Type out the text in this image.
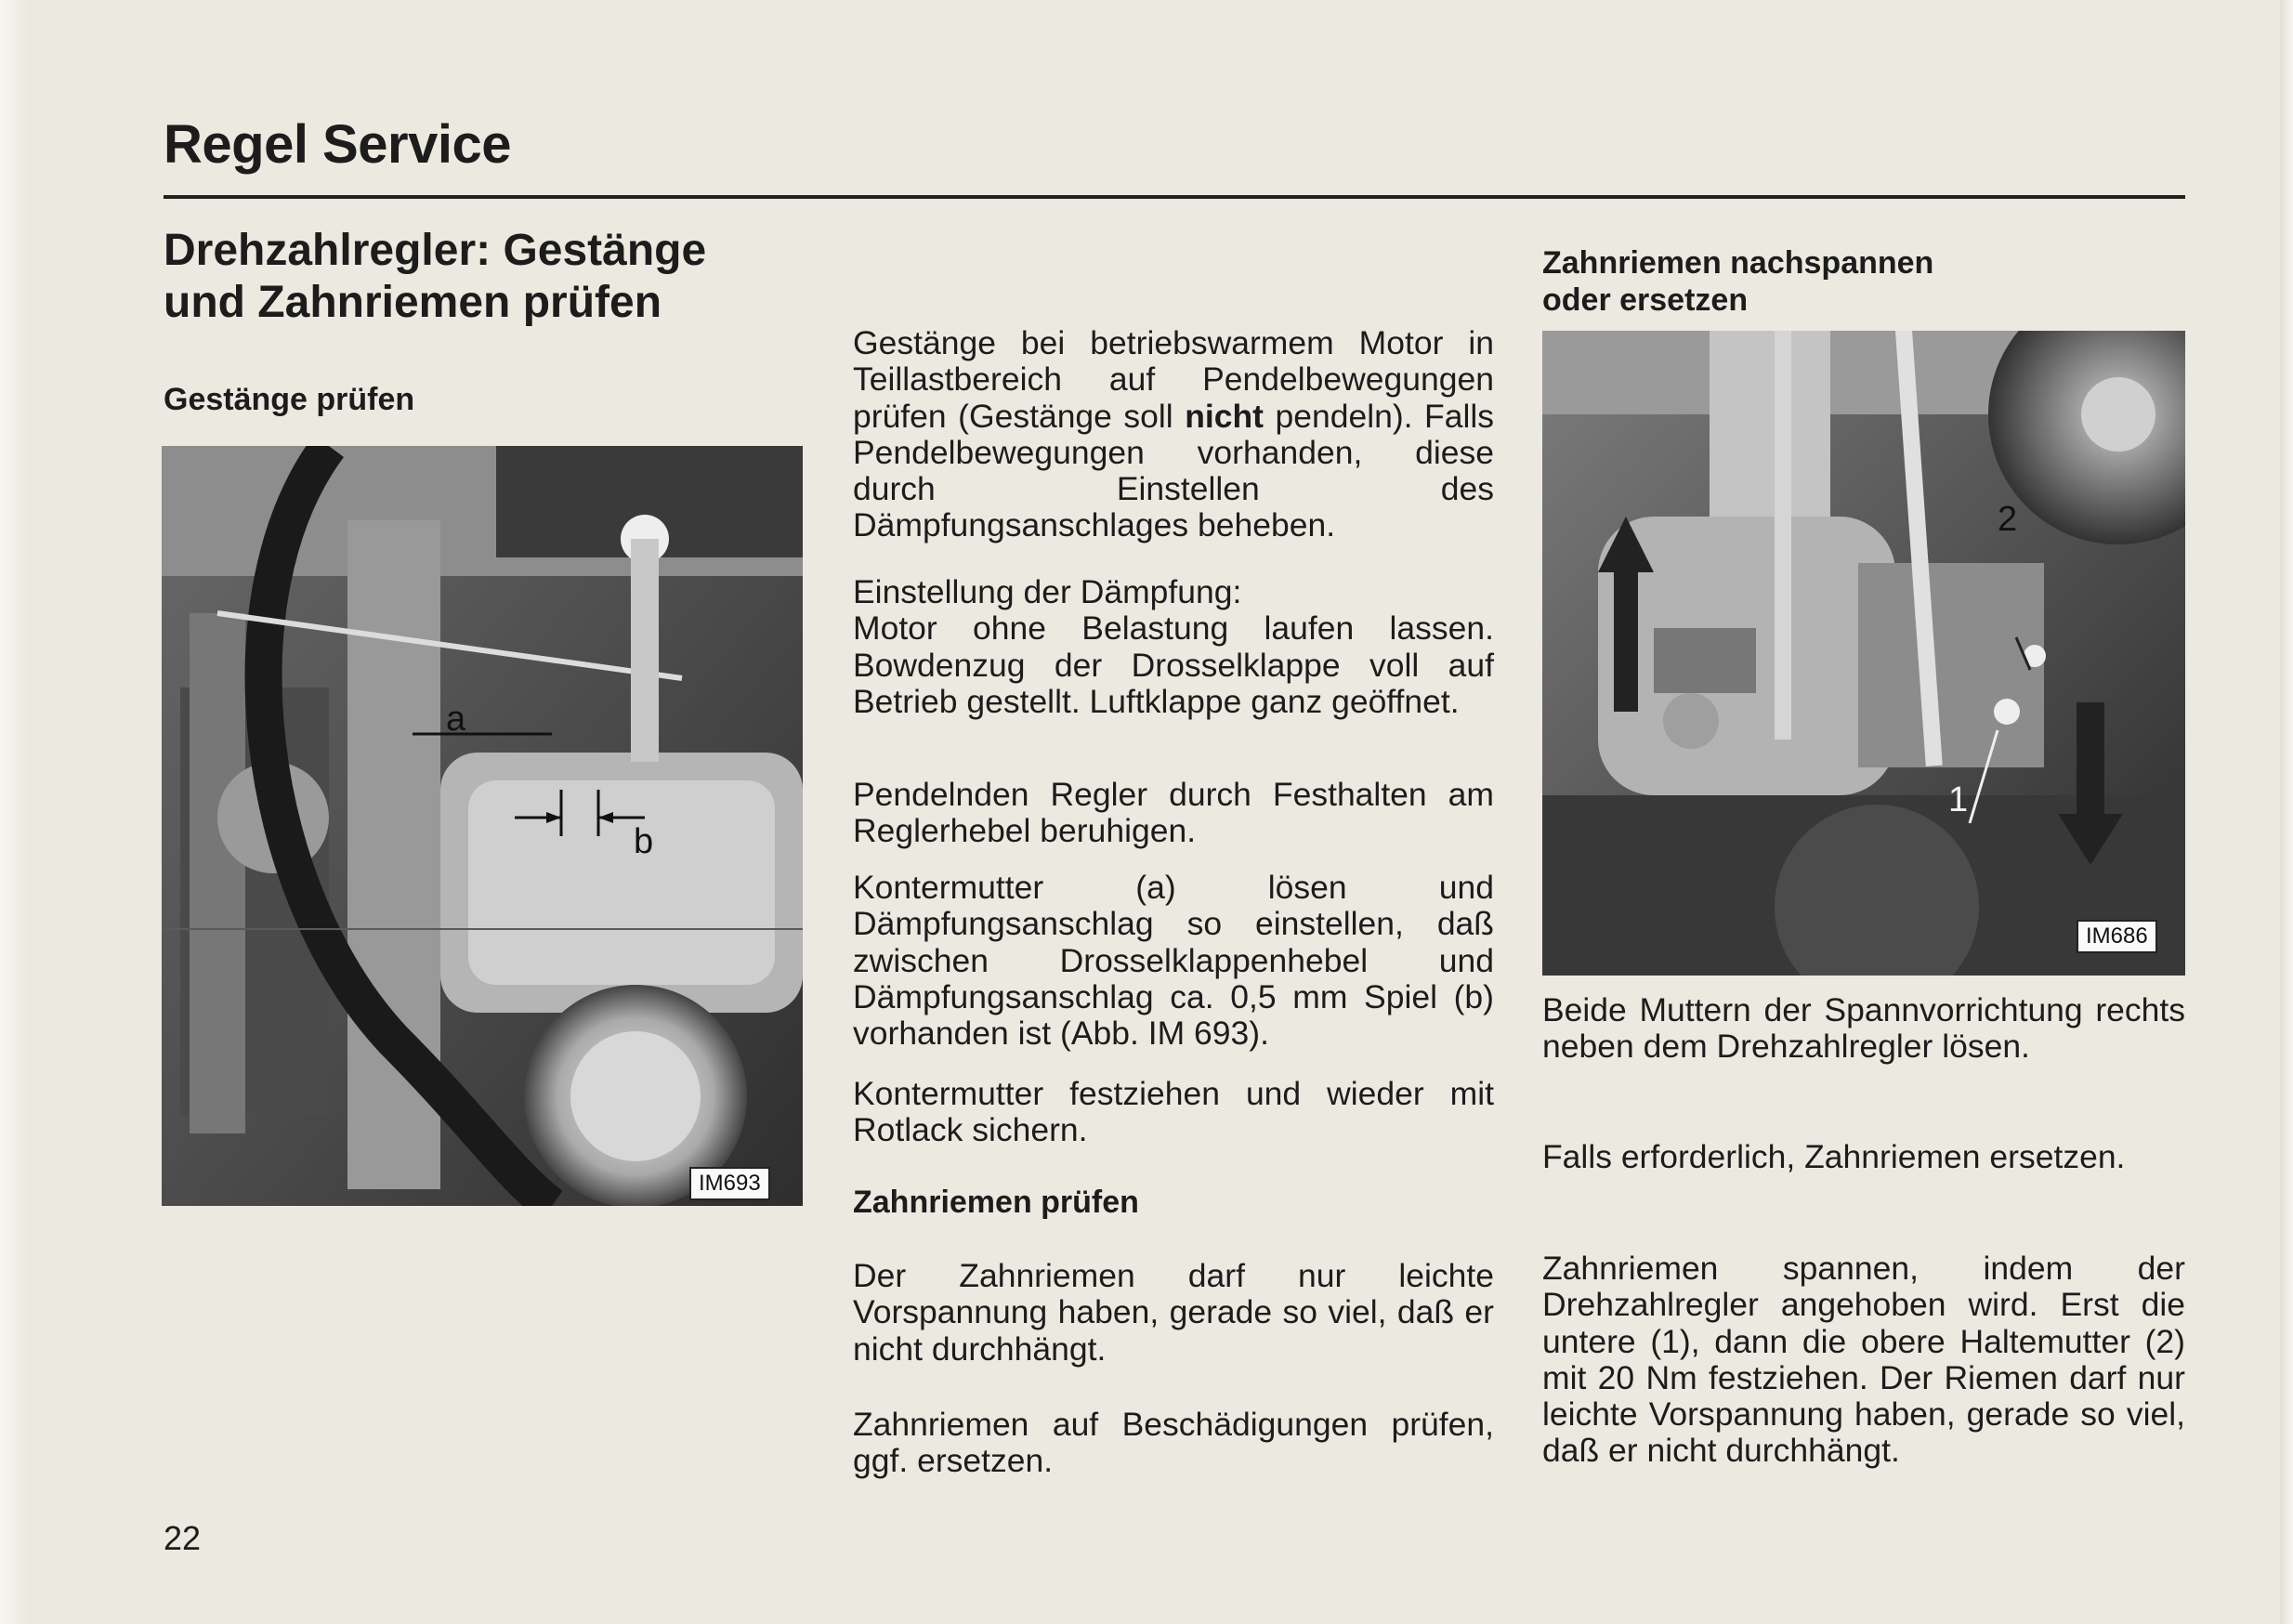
Regel Service
Drehzahlregler: Gestänge
und Zahnriemen prüfen
Gestänge prüfen
a
b
IM693
Gestänge bei betriebswarmem Motor in Teillastbereich auf Pendelbewegungen prüfen (Gestänge soll nicht pendeln). Falls Pendelbewegungen vorhanden, diese durch Einstellen des Dämpfungsanschlages beheben.
Einstellung der Dämpfung:
Motor ohne Belastung laufen lassen. Bowdenzug der Drosselklappe voll auf Betrieb gestellt. Luftklappe ganz geöffnet.
Pendelnden Regler durch Festhalten am Reglerhebel beruhigen.
Kontermutter (a) lösen und Dämpfungsanschlag so einstellen, daß zwischen Drosselklappenhebel und Dämpfungsanschlag ca. 0,5 mm Spiel (b) vorhanden ist (Abb. IM 693).
Kontermutter festziehen und wieder mit Rotlack sichern.
Zahnriemen prüfen
Der Zahnriemen darf nur leichte Vorspannung haben, gerade so viel, daß er nicht durchhängt.
Zahnriemen auf Beschädigungen prüfen, ggf. ersetzen.
Zahnriemen nachspannen
oder ersetzen
1
2
IM686
Beide Muttern der Spannvorrichtung rechts neben dem Drehzahlregler lösen.
Falls erforderlich, Zahnriemen ersetzen.
Zahnriemen spannen, indem der Drehzahlregler angehoben wird. Erst die untere (1), dann die obere Haltemutter (2) mit 20 Nm festziehen. Der Riemen darf nur leichte Vorspannung haben, gerade so viel, daß er nicht durchhängt.
22
